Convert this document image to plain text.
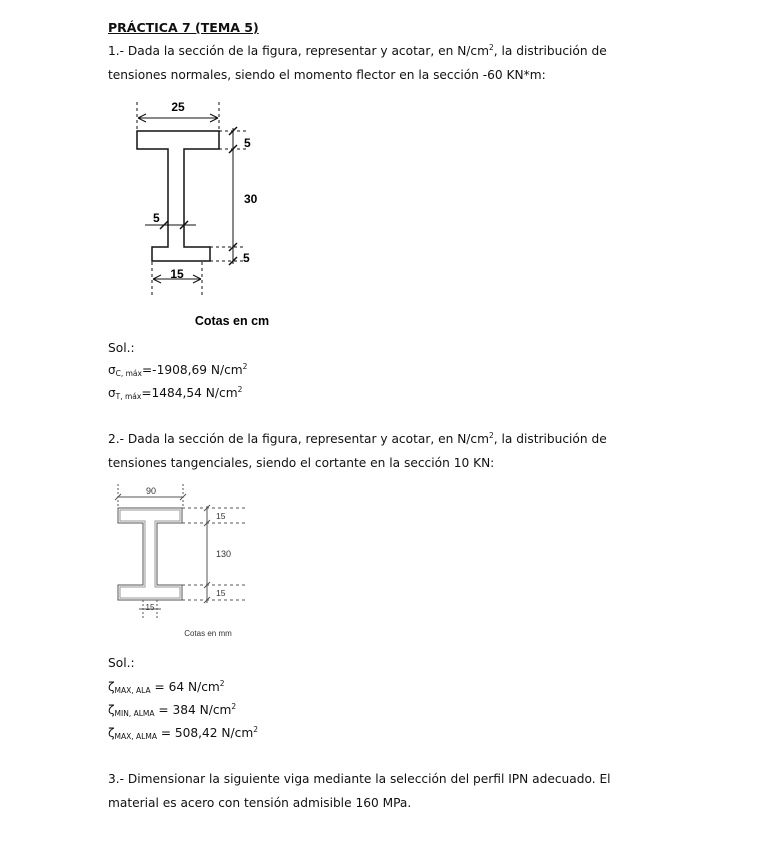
PRÁCTICA 7 (TEMA 5)
1.- Dada la sección de la figura, representar y acotar, en $N/cm^2$, la distribución de
tensiones normales, siendo el momento flector en la sección -60 KN*m:
25
5
30
5
5
15
Cotas en cm
Sol.:
σC, máx=-1908,69 $N/cm^2$
σT, máx=1484,54 $N/cm^2$
2.- Dada la sección de la figura, representar y acotar, en $N/cm^2$, la distribución de
tensiones tangenciales, siendo el cortante en la sección 10 KN:
90
15
130
15
15
Cotas en mm
Sol.:
ζMAX, ALA = 64 $N/cm^2$
ζMIN, ALMA = 384 $N/cm^2$
ζMAX, ALMA = 508,42 $N/cm^2$
3.- Dimensionar la siguiente viga mediante la selección del perfil IPN adecuado. El
material es acero con tensión admisible 160 MPa.
